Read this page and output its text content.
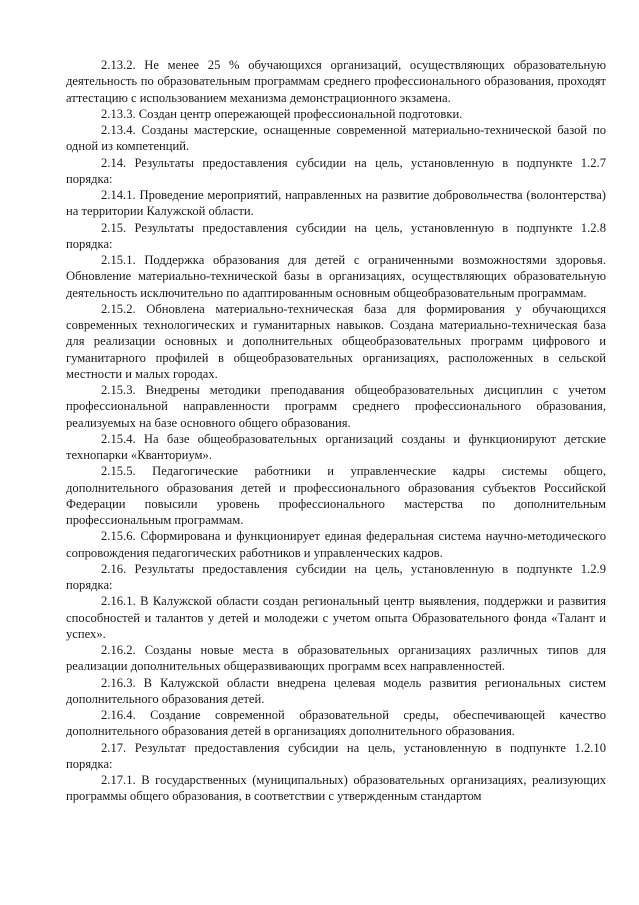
2.13.2. Не менее 25 % обучающихся организаций, осуществляющих образовательную деятельность по образовательным программам среднего профессионального образования, проходят аттестацию с использованием механизма демонстрационного экзамена.

2.13.3. Создан центр опережающей профессиональной подготовки.

2.13.4. Созданы мастерские, оснащенные современной материально-технической базой по одной из компетенций.

2.14. Результаты предоставления субсидии на цель, установленную в подпункте 1.2.7 порядка:

2.14.1. Проведение мероприятий, направленных на развитие добровольчества (волонтерства) на территории Калужской области.

2.15. Результаты предоставления субсидии на цель, установленную в подпункте 1.2.8 порядка:

2.15.1. Поддержка образования для детей с ограниченными возможностями здоровья. Обновление материально-технической базы в организациях, осуществляющих образовательную деятельность исключительно по адаптированным основным общеобразовательным программам.

2.15.2. Обновлена материально-техническая база для формирования у обучающихся современных технологических и гуманитарных навыков. Создана материально-техническая база для реализации основных и дополнительных общеобразовательных программ цифрового и гуманитарного профилей в общеобразовательных организациях, расположенных в сельской местности и малых городах.

2.15.3. Внедрены методики преподавания общеобразовательных дисциплин с учетом профессиональной направленности программ среднего профессионального образования, реализуемых на базе основного общего образования.

2.15.4. На базе общеобразовательных организаций созданы и функционируют детские технопарки «Кванториум».

2.15.5. Педагогические работники и управленческие кадры системы общего, дополнительного образования детей и профессионального образования субъектов Российской Федерации повысили уровень профессионального мастерства по дополнительным профессиональным программам.

2.15.6. Сформирована и функционирует единая федеральная система научно-методического сопровождения педагогических работников и управленческих кадров.

2.16. Результаты предоставления субсидии на цель, установленную в подпункте 1.2.9 порядка:

2.16.1. В Калужской области создан региональный центр выявления, поддержки и развития способностей и талантов у детей и молодежи с учетом опыта Образовательного фонда «Талант и успех».

2.16.2. Созданы новые места в образовательных организациях различных типов для реализации дополнительных общеразвивающих программ всех направленностей.

2.16.3. В Калужской области внедрена целевая модель развития региональных систем дополнительного образования детей.

2.16.4. Создание современной образовательной среды, обеспечивающей качество дополнительного образования детей в организациях дополнительного образования.

2.17. Результат предоставления субсидии на цель, установленную в подпункте 1.2.10 порядка:

2.17.1. В государственных (муниципальных) образовательных организациях, реализующих программы общего образования, в соответствии с утвержденным стандартом
